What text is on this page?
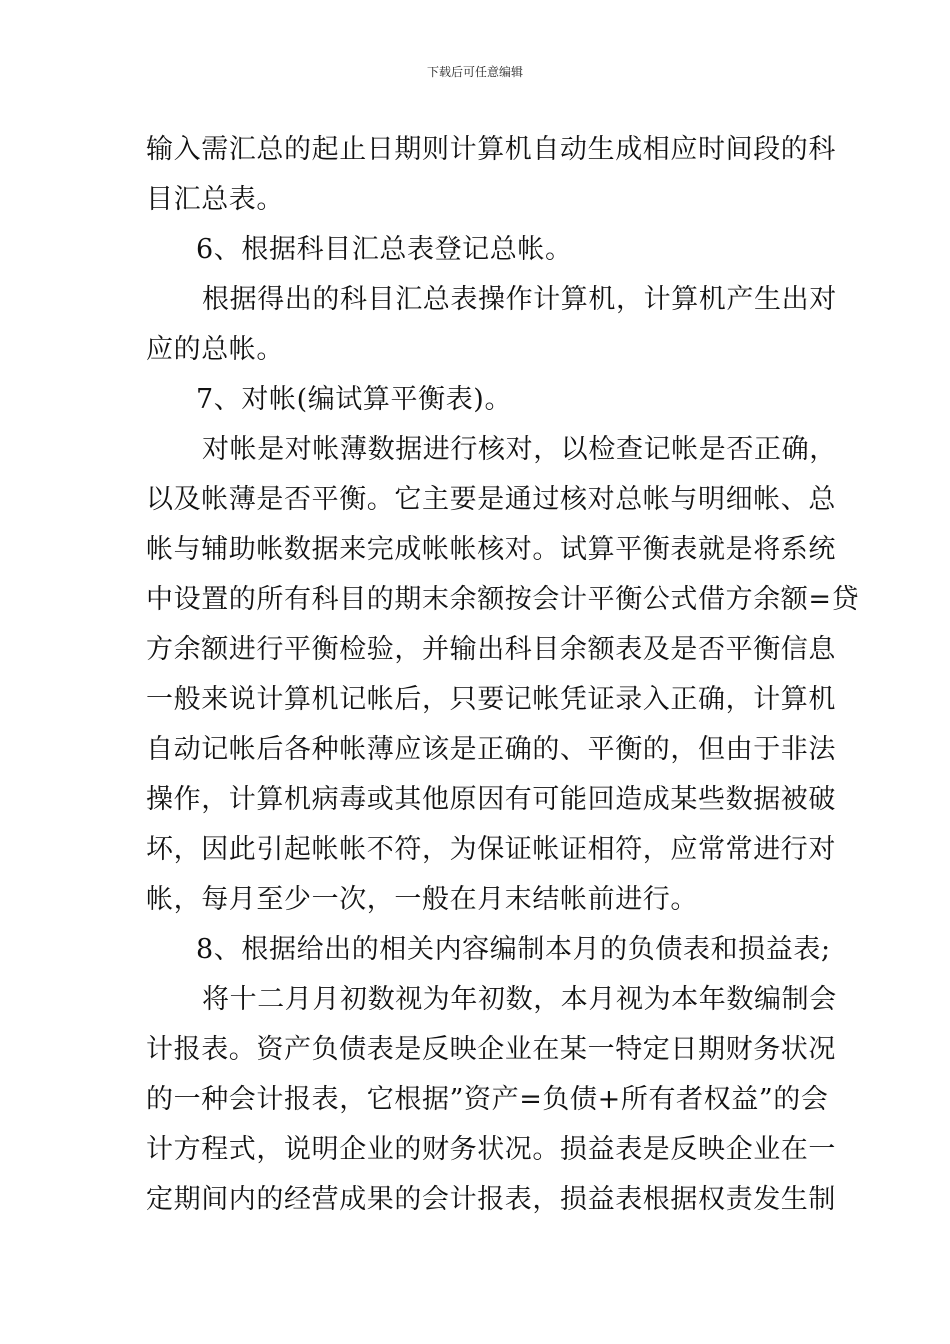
下载后可任意编辑
输入需汇总的起止日期则计算机自动生成相应时间段的科
目汇总表。
6、根据科目汇总表登记总帐。
根据得出的科目汇总表操作计算机，计算机产生出对
应的总帐。
7、对帐(编试算平衡表)。
对帐是对帐薄数据进行核对，以检查记帐是否正确，
以及帐薄是否平衡。它主要是通过核对总帐与明细帐、总
帐与辅助帐数据来完成帐帐核对。试算平衡表就是将系统
中设置的所有科目的期末余额按会计平衡公式借方余额=贷
方余额进行平衡检验，并输出科目余额表及是否平衡信息
一般来说计算机记帐后，只要记帐凭证录入正确，计算机
自动记帐后各种帐薄应该是正确的、平衡的，但由于非法
操作，计算机病毒或其他原因有可能回造成某些数据被破
坏，因此引起帐帐不符，为保证帐证相符，应常常进行对
帐，每月至少一次，一般在月末结帐前进行。
8、根据给出的相关内容编制本月的负债表和损益表;
将十二月月初数视为年初数，本月视为本年数编制会
计报表。资产负债表是反映企业在某一特定日期财务状况
的一种会计报表，它根据”资产=负债+所有者权益”的会
计方程式，说明企业的财务状况。损益表是反映企业在一
定期间内的经营成果的会计报表，损益表根据权责发生制
